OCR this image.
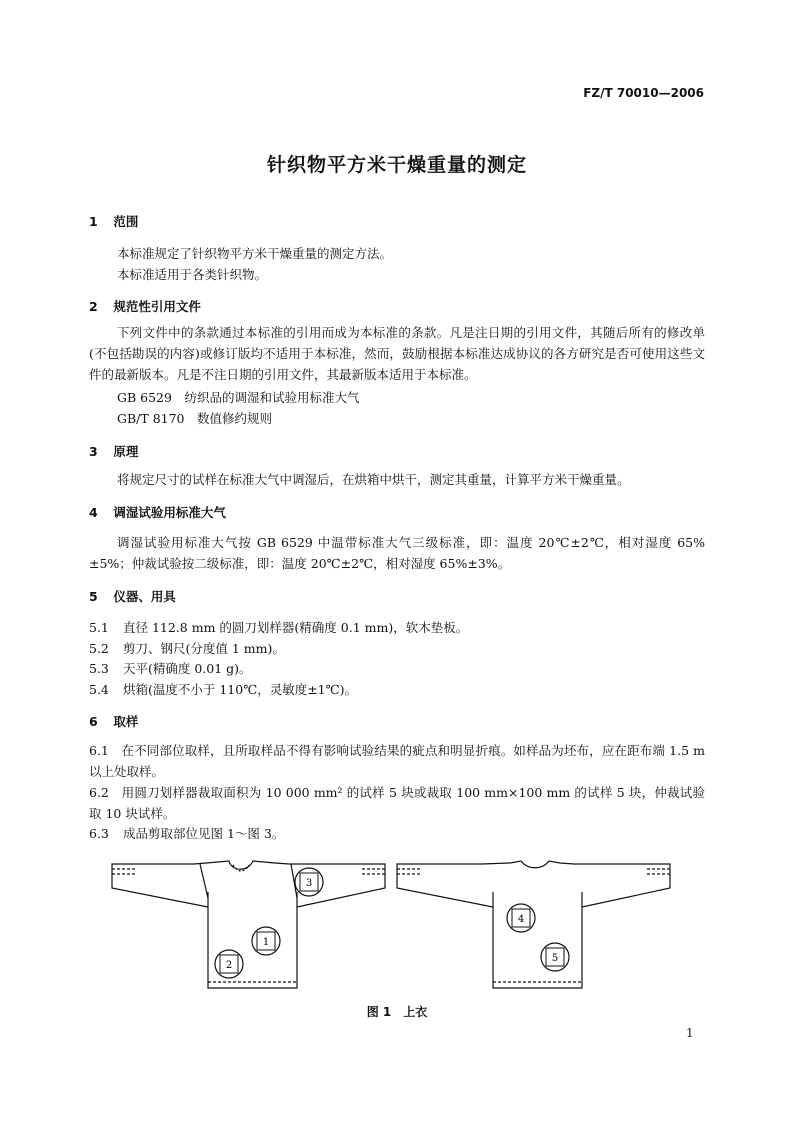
FZ/T 70010—2006
针织物平方米干燥重量的测定
1 范围
本标准规定了针织物平方米干燥重量的测定方法。
本标准适用于各类针织物。
2 规范性引用文件
下列文件中的条款通过本标准的引用而成为本标准的条款。凡是注日期的引用文件，其随后所有的修改单(不包括勘误的内容)或修订版均不适用于本标准，然而，鼓励根据本标准达成协议的各方研究是否可使用这些文件的最新版本。凡是不注日期的引用文件，其最新版本适用于本标准。
GB 6529　纺织品的调湿和试验用标准大气
GB/T 8170　数值修约规则
3 原理
将规定尺寸的试样在标准大气中调湿后，在烘箱中烘干，测定其重量，计算平方米干燥重量。
4 调湿试验用标准大气
调湿试验用标准大气按 GB 6529 中温带标准大气三级标准，即：温度 20℃±2℃，相对湿度 65%±5%；仲裁试验按二级标准，即：温度 20℃±2℃，相对湿度 65%±3%。
5 仪器、用具
5.1 直径 112.8 mm 的圆刀划样器(精确度 0.1 mm)，软木垫板。
5.2 剪刀、钢尺(分度值 1 mm)。
5.3 天平(精确度 0.01 g)。
5.4 烘箱(温度不小于 110℃，灵敏度±1℃)。
6 取样
6.1  在不同部位取样，且所取样品不得有影响试验结果的疵点和明显折痕。如样品为坯布，应在距布端 1.5 m 以上处取样。
6.2  用圆刀划样器裁取面积为 10 000 mm² 的试样 5 块或裁取 100 mm×100 mm 的试样 5 块，仲裁试验取 10 块试样。
6.3 成品剪取部位见图 1～图 3。
1
2
3
4
5
图 1　上衣
1
